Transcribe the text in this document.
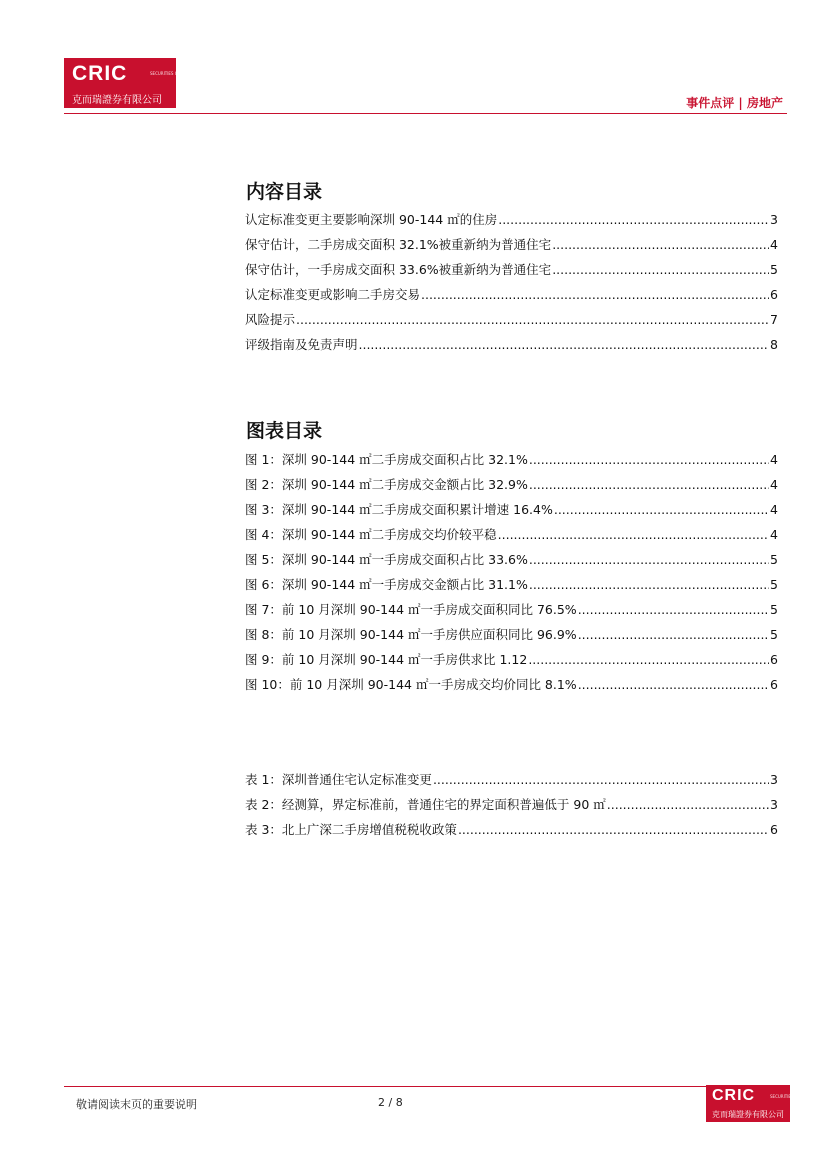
CRIC	SECURITIES CO.,LTD
克而瑞證券有限公司	事件点评 | 房地产
内容目录
认定标准变更主要影响深圳 90-144 ㎡的住房 .....	3
保守估计，二手房成交面积 32.1%被重新纳为普通住宅 .....	4
保守估计，一手房成交面积 33.6%被重新纳为普通住宅 .....	5
认定标准变更或影响二手房交易 .....	6
风险提示 .....	7
评级指南及免责声明 .....	8
图表目录
图 1：深圳 90-144 ㎡二手房成交面积占比 32.1% .....	4
图 2：深圳 90-144 ㎡二手房成交金额占比 32.9% .....	4
图 3：深圳 90-144 ㎡二手房成交面积累计增速 16.4% .....	4
图 4：深圳 90-144 ㎡二手房成交均价较平稳 .....	4
图 5：深圳 90-144 ㎡一手房成交面积占比 33.6% .....	5
图 6：深圳 90-144 ㎡一手房成交金额占比 31.1% .....	5
图 7：前 10 月深圳 90-144 ㎡一手房成交面积同比 76.5% .....	5
图 8：前 10 月深圳 90-144 ㎡一手房供应面积同比 96.9% .....	5
图 9：前 10 月深圳 90-144 ㎡一手房供求比 1.12 .....	6
图 10：前 10 月深圳 90-144 ㎡一手房成交均价同比 8.1% .....	6
表 1：深圳普通住宅认定标准变更 .....	3
表 2：经测算，界定标准前，普通住宅的界定面积普遍低于 90 ㎡ .....	3
表 3：北上广深二手房增值税税收政策 .....	6
敬请阅读末页的重要说明	2 / 8	CRIC	SECURITIES CO.,LTD
克而瑞證券有限公司
